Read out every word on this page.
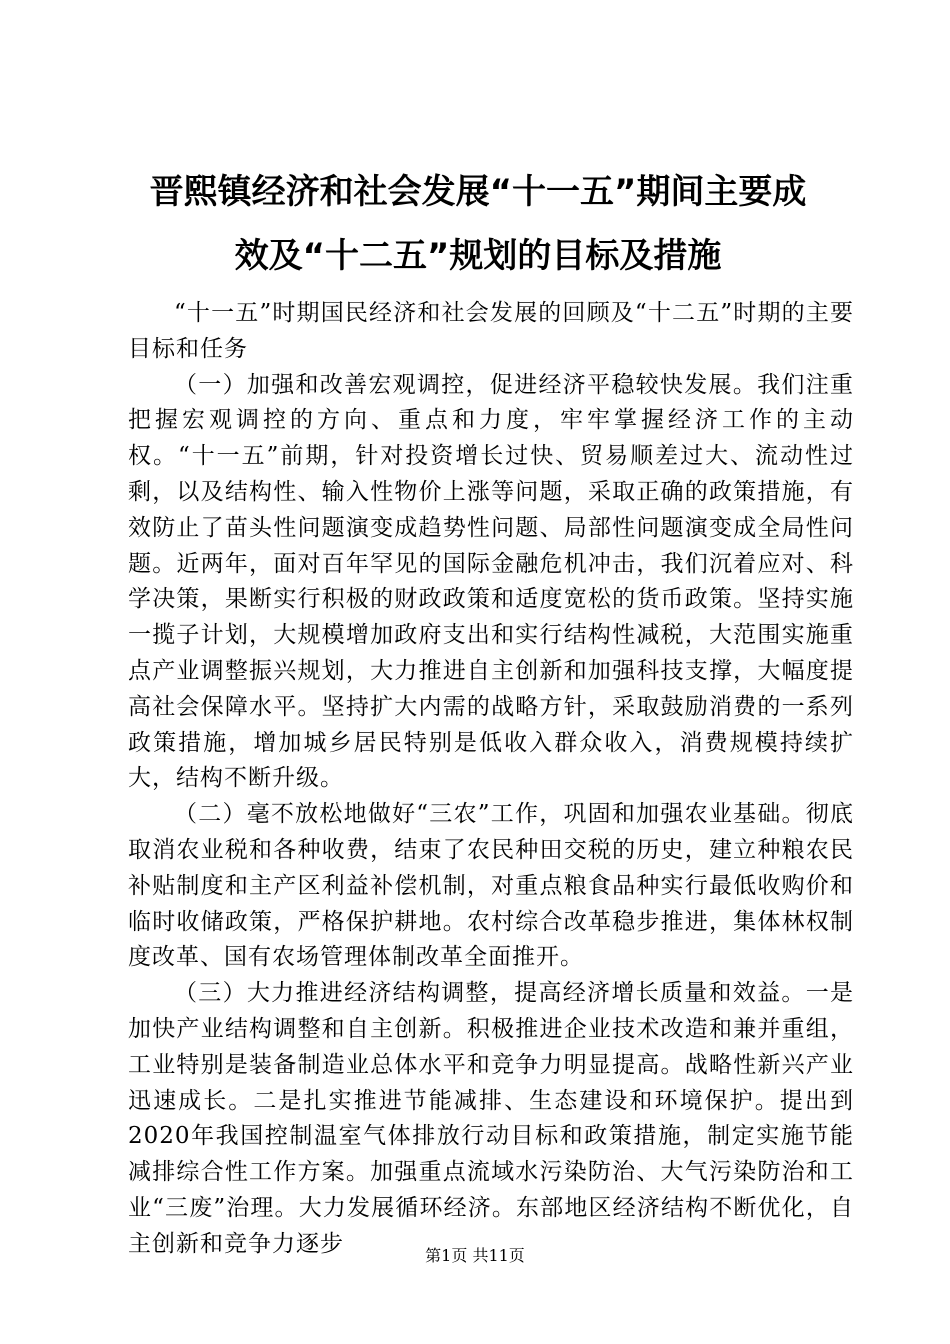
晋熙镇经济和社会发展“十一五”期间主要成
效及“十二五”规划的目标及措施

“十一五”时期国民经济和社会发展的回顾及“十二五”时期的主要目标和任务

（一）加强和改善宏观调控，促进经济平稳较快发展。我们注重把握宏观调控的方向、重点和力度，牢牢掌握经济工作的主动权。“十一五”前期，针对投资增长过快、贸易顺差过大、流动性过剩，以及结构性、输入性物价上涨等问题，采取正确的政策措施，有效防止了苗头性问题演变成趋势性问题、局部性问题演变成全局性问题。近两年，面对百年罕见的国际金融危机冲击，我们沉着应对、科学决策，果断实行积极的财政政策和适度宽松的货币政策。坚持实施一揽子计划，大规模增加政府支出和实行结构性减税，大范围实施重点产业调整振兴规划，大力推进自主创新和加强科技支撑，大幅度提高社会保障水平。坚持扩大内需的战略方针，采取鼓励消费的一系列政策措施，增加城乡居民特别是低收入群众收入，消费规模持续扩大，结构不断升级。

（二）毫不放松地做好“三农”工作，巩固和加强农业基础。彻底取消农业税和各种收费，结束了农民种田交税的历史，建立种粮农民补贴制度和主产区利益补偿机制，对重点粮食品种实行最低收购价和临时收储政策，严格保护耕地。农村综合改革稳步推进，集体林权制度改革、国有农场管理体制改革全面推开。

（三）大力推进经济结构调整，提高经济增长质量和效益。一是加快产业结构调整和自主创新。积极推进企业技术改造和兼并重组，工业特别是装备制造业总体水平和竞争力明显提高。战略性新兴产业迅速成长。二是扎实推进节能减排、生态建设和环境保护。提出到2020年我国控制温室气体排放行动目标和政策措施，制定实施节能减排综合性工作方案。加强重点流域水污染防治、大气污染防治和工业“三废”治理。大力发展循环经济。东部地区经济结构不断优化，自主创新和竞争力逐步	第1页 共11页
